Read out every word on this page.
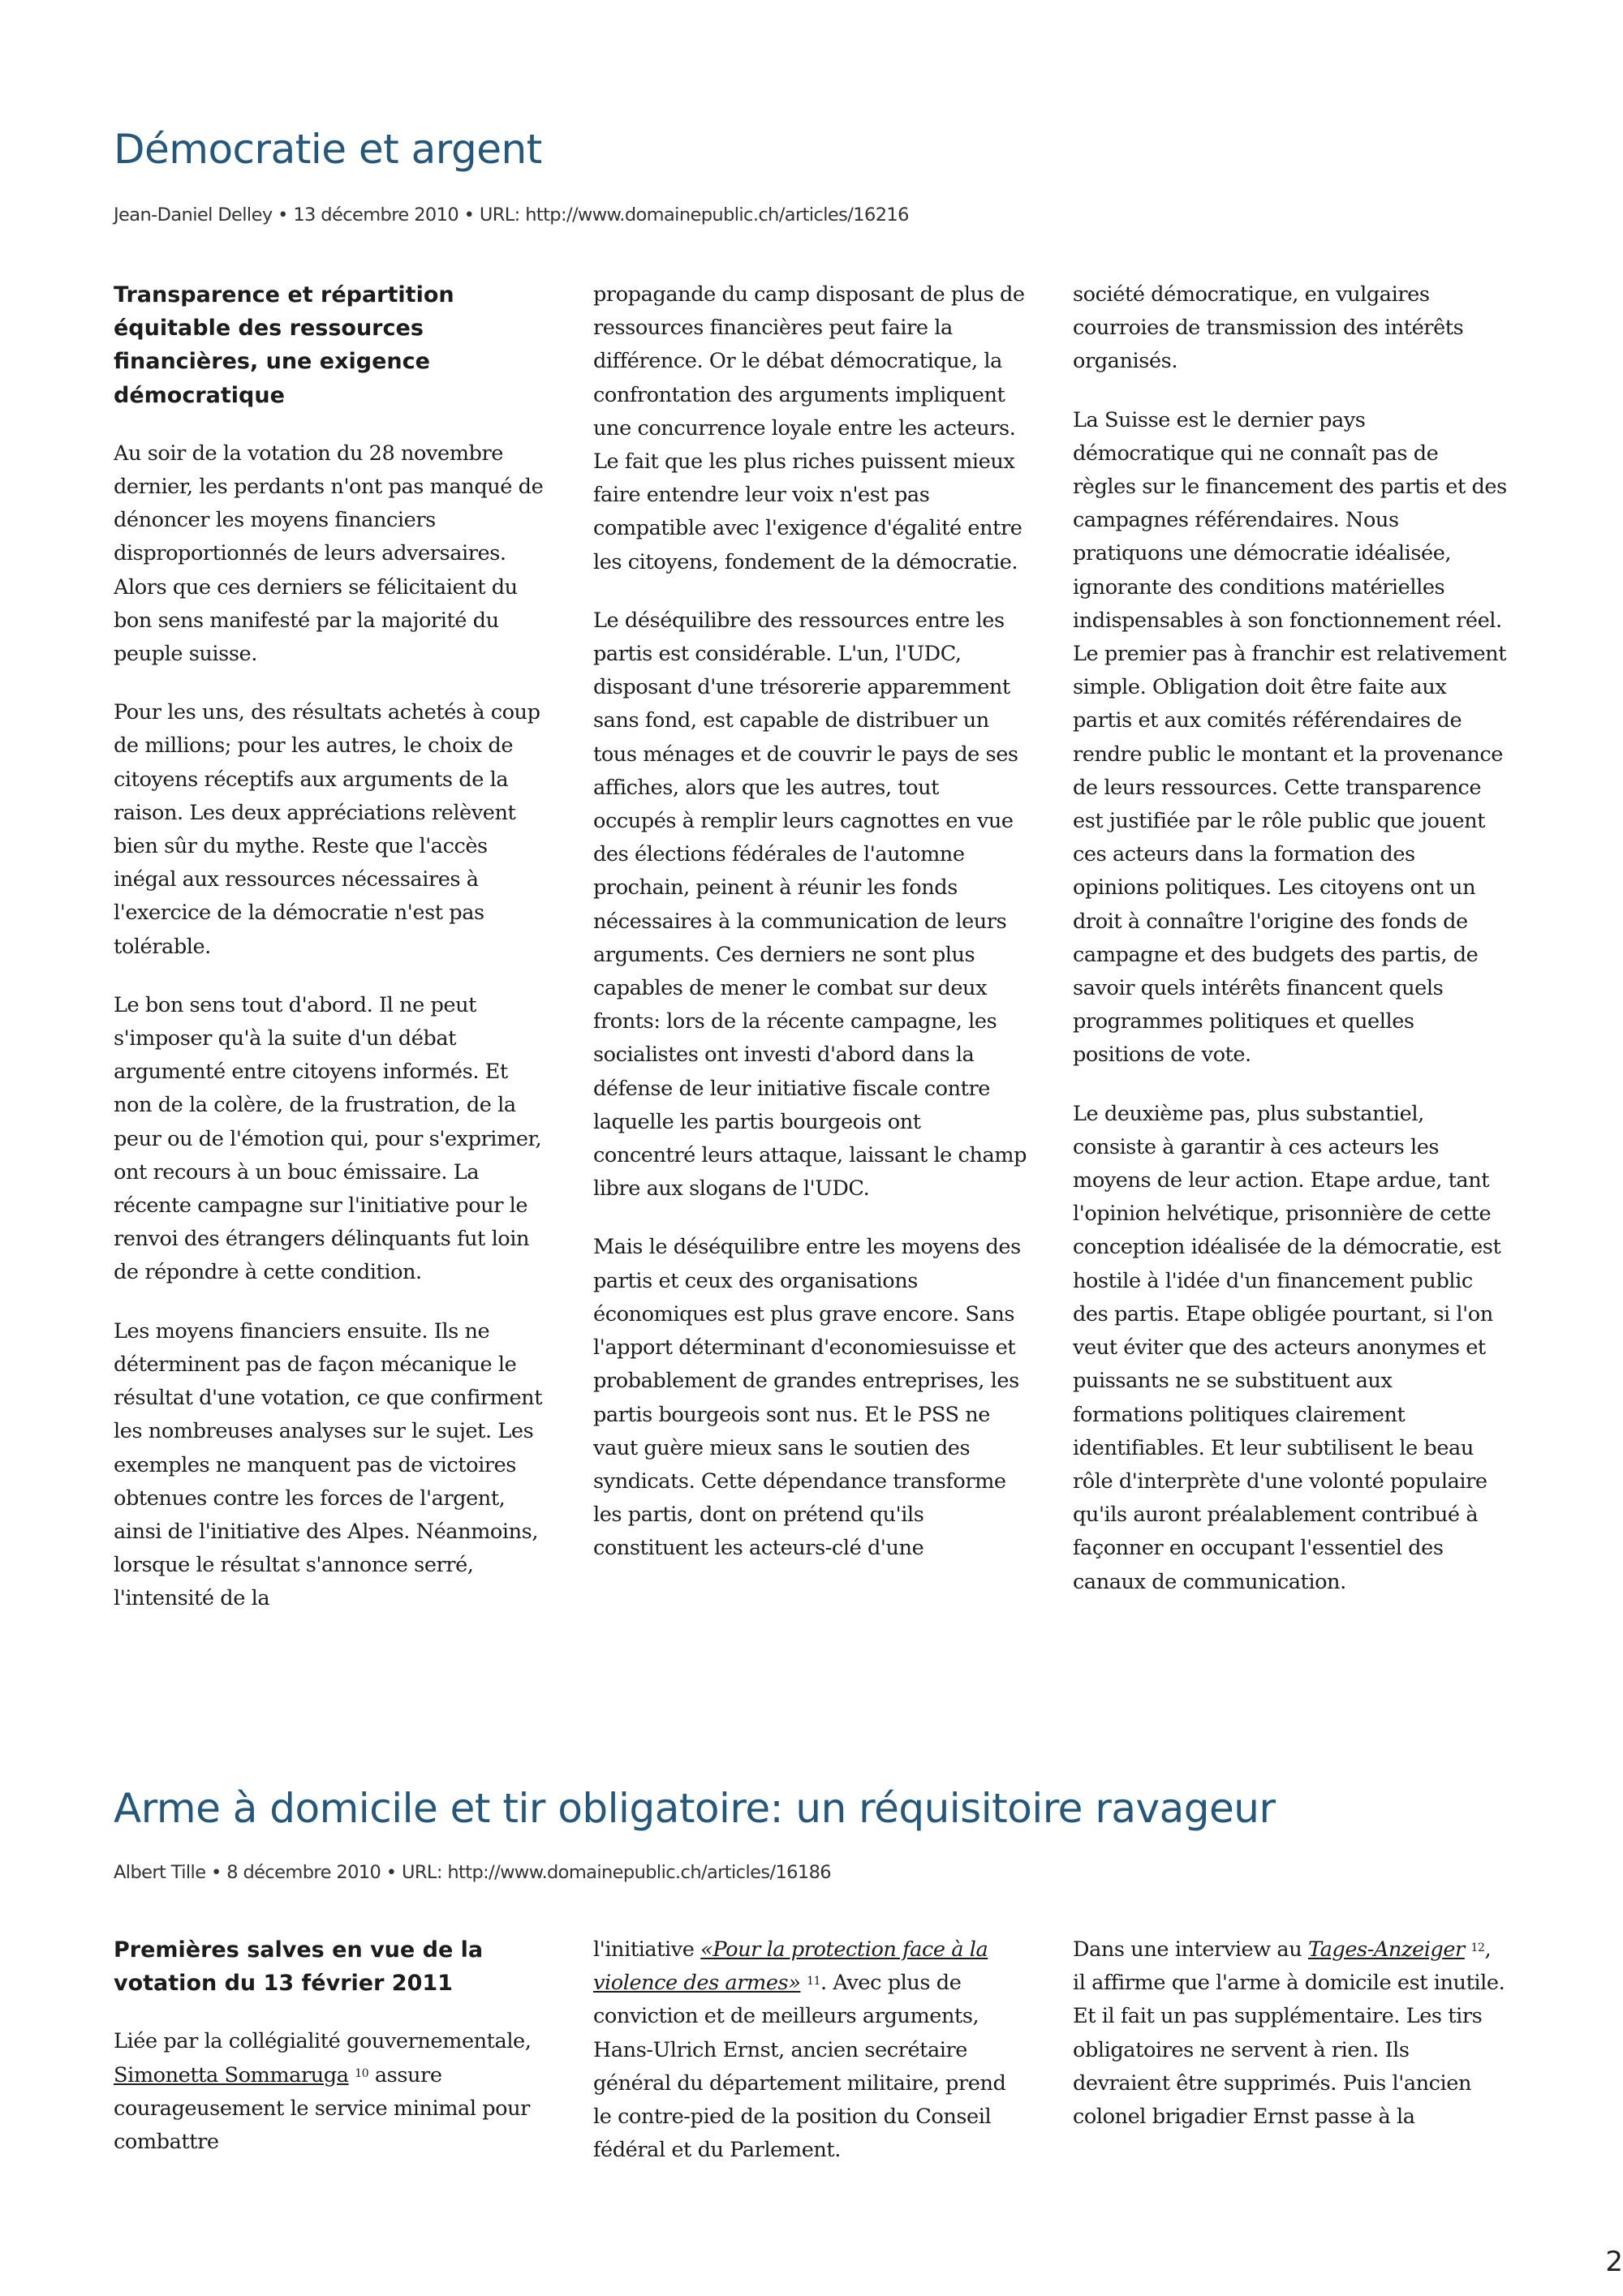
Démocratie et argent
Jean-Daniel Delley • 13 décembre 2010 • URL: http://www.domainepublic.ch/articles/16216
Transparence et répartition équitable des ressources financières, une exigence démocratique

Au soir de la votation du 28 novembre dernier, les perdants n'ont pas manqué de dénoncer les moyens financiers disproportionnés de leurs adversaires. Alors que ces derniers se félicitaient du bon sens manifesté par la majorité du peuple suisse.

Pour les uns, des résultats achetés à coup de millions; pour les autres, le choix de citoyens réceptifs aux arguments de la raison. Les deux appréciations relèvent bien sûr du mythe. Reste que l'accès inégal aux ressources nécessaires à l'exercice de la démocratie n'est pas tolérable.

Le bon sens tout d'abord. Il ne peut s'imposer qu'à la suite d'un débat argumenté entre citoyens informés. Et non de la colère, de la frustration, de la peur ou de l'émotion qui, pour s'exprimer, ont recours à un bouc émissaire. La récente campagne sur l'initiative pour le renvoi des étrangers délinquants fut loin de répondre à cette condition.

Les moyens financiers ensuite. Ils ne déterminent pas de façon mécanique le résultat d'une votation, ce que confirment les nombreuses analyses sur le sujet. Les exemples ne manquent pas de victoires obtenues contre les forces de l'argent, ainsi de l'initiative des Alpes. Néanmoins, lorsque le résultat s'annonce serré, l'intensité de la

propagande du camp disposant de plus de ressources financières peut faire la différence. Or le débat démocratique, la confrontation des arguments impliquent une concurrence loyale entre les acteurs. Le fait que les plus riches puissent mieux faire entendre leur voix n'est pas compatible avec l'exigence d'égalité entre les citoyens, fondement de la démocratie.

Le déséquilibre des ressources entre les partis est considérable. L'un, l'UDC, disposant d'une trésorerie apparemment sans fond, est capable de distribuer un tous ménages et de couvrir le pays de ses affiches, alors que les autres, tout occupés à remplir leurs cagnottes en vue des élections fédérales de l'automne prochain, peinent à réunir les fonds nécessaires à la communication de leurs arguments. Ces derniers ne sont plus capables de mener le combat sur deux fronts: lors de la récente campagne, les socialistes ont investi d'abord dans la défense de leur initiative fiscale contre laquelle les partis bourgeois ont concentré leurs attaque, laissant le champ libre aux slogans de l'UDC.

Mais le déséquilibre entre les moyens des partis et ceux des organisations économiques est plus grave encore. Sans l'apport déterminant d'economiesuisse et probablement de grandes entreprises, les partis bourgeois sont nus. Et le PSS ne vaut guère mieux sans le soutien des syndicats. Cette dépendance transforme les partis, dont on prétend qu'ils constituent les acteurs-clé d'une

société démocratique, en vulgaires courroies de transmission des intérêts organisés.

La Suisse est le dernier pays démocratique qui ne connaît pas de règles sur le financement des partis et des campagnes référendaires. Nous pratiquons une démocratie idéalisée, ignorante des conditions matérielles indispensables à son fonctionnement réel. Le premier pas à franchir est relativement simple. Obligation doit être faite aux partis et aux comités référendaires de rendre public le montant et la provenance de leurs ressources. Cette transparence est justifiée par le rôle public que jouent ces acteurs dans la formation des opinions politiques. Les citoyens ont un droit à connaître l'origine des fonds de campagne et des budgets des partis, de savoir quels intérêts financent quels programmes politiques et quelles positions de vote.

Le deuxième pas, plus substantiel, consiste à garantir à ces acteurs les moyens de leur action. Etape ardue, tant l'opinion helvétique, prisonnière de cette conception idéalisée de la démocratie, est hostile à l'idée d'un financement public des partis. Etape obligée pourtant, si l'on veut éviter que des acteurs anonymes et puissants ne se substituent aux formations politiques clairement identifiables. Et leur subtilisent le beau rôle d'interprète d'une volonté populaire qu'ils auront préalablement contribué à façonner en occupant l'essentiel des canaux de communication.

Arme à domicile et tir obligatoire: un réquisitoire ravageur
Albert Tille • 8 décembre 2010 • URL: http://www.domainepublic.ch/articles/16186
Premières salves en vue de la votation du 13 février 2011

Liée par la collégialité gouvernementale, Simonetta Sommaruga $^{10}$ assure courageusement le service minimal pour combattre

l'initiative «Pour la protection face à la violence des armes» $^{11}$. Avec plus de conviction et de meilleurs arguments, Hans-Ulrich Ernst, ancien secrétaire général du département militaire, prend le contre-pied de la position du Conseil fédéral et du Parlement.

Dans une interview au Tages-Anzeiger $^{12}$, il affirme que l'arme à domicile est inutile. Et il fait un pas supplémentaire. Les tirs obligatoires ne servent à rien. Ils devraient être supprimés. Puis l'ancien colonel brigadier Ernst passe à la

2
